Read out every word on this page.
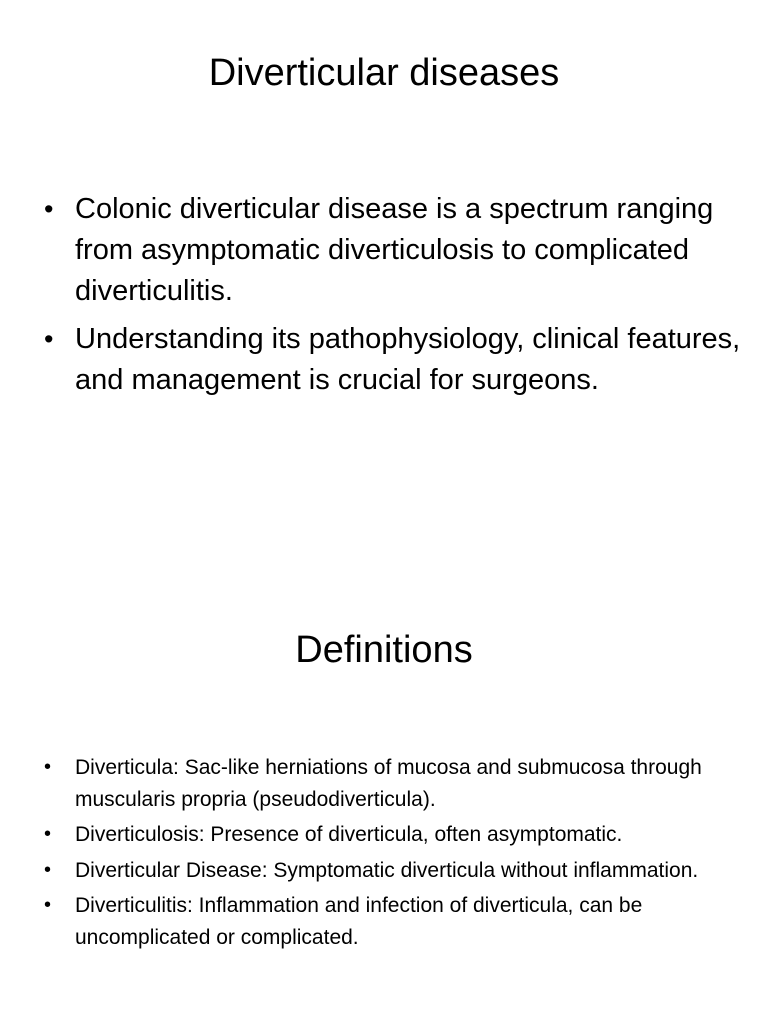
Diverticular diseases
• Colonic diverticular disease is a spectrum ranging from asymptomatic diverticulosis to complicated diverticulitis.
• Understanding its pathophysiology, clinical features, and management is crucial for surgeons.
Definitions
• Diverticula: Sac-like herniations of mucosa and submucosa through muscularis propria (pseudodiverticula).
• Diverticulosis: Presence of diverticula, often asymptomatic.
• Diverticular Disease: Symptomatic diverticula without inflammation.
• Diverticulitis: Inflammation and infection of diverticula, can be uncomplicated or complicated.
